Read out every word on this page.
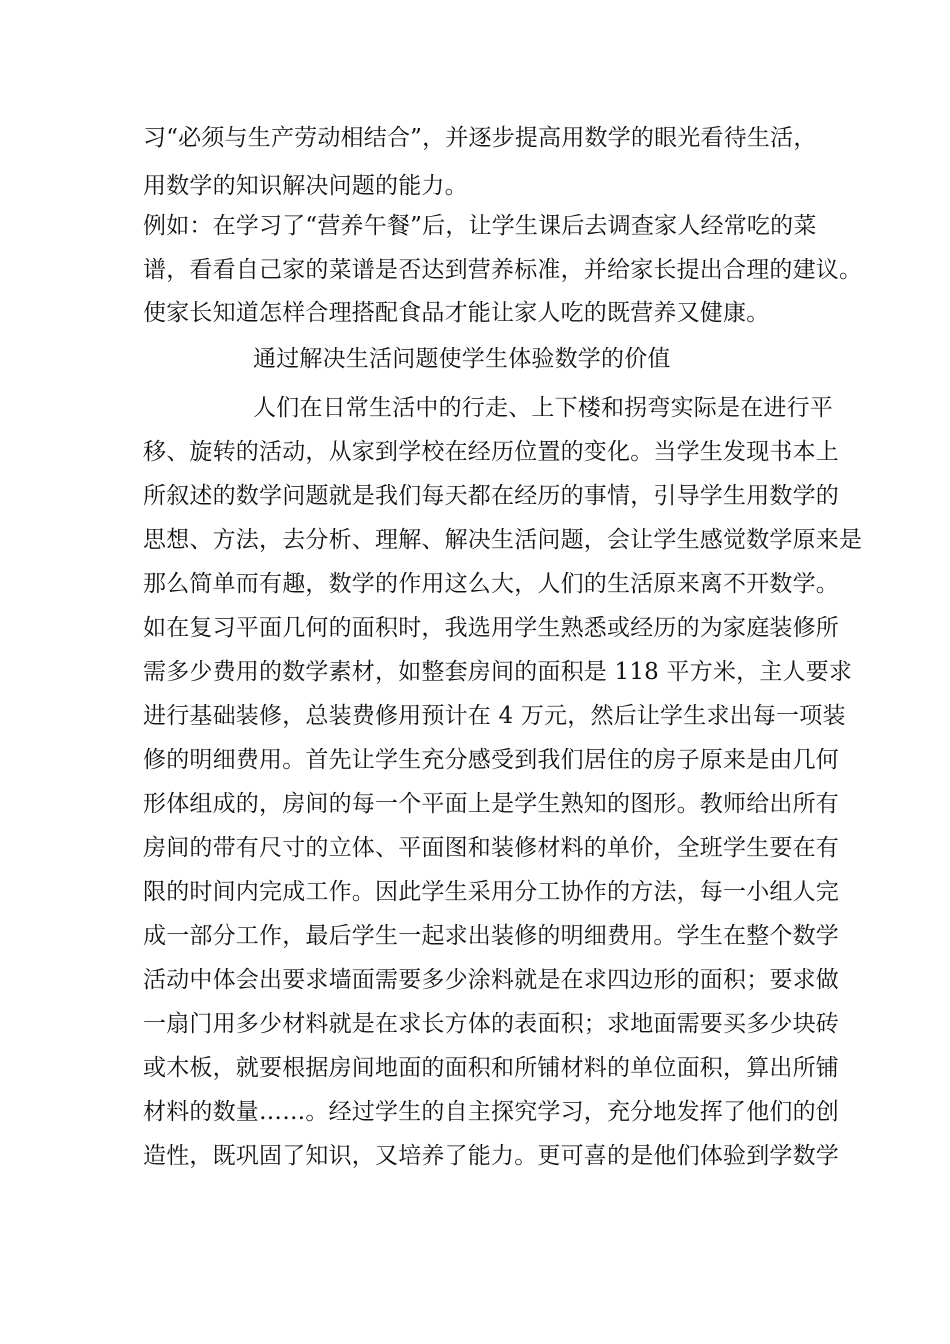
习“必须与生产劳动相结合”，并逐步提高用数学的眼光看待生活，
用数学的知识解决问题的能力。
例如：在学习了“营养午餐”后，让学生课后去调查家人经常吃的菜
谱，看看自己家的菜谱是否达到营养标准，并给家长提出合理的建议。
使家长知道怎样合理搭配食品才能让家人吃的既营养又健康。
通过解决生活问题使学生体验数学的价值
人们在日常生活中的行走、上下楼和拐弯实际是在进行平
移、旋转的活动，从家到学校在经历位置的变化。当学生发现书本上
所叙述的数学问题就是我们每天都在经历的事情，引导学生用数学的
思想、方法，去分析、理解、解决生活问题，会让学生感觉数学原来是
那么简单而有趣，数学的作用这么大，人们的生活原来离不开数学。
如在复习平面几何的面积时，我选用学生熟悉或经历的为家庭装修所
需多少费用的数学素材，如整套房间的面积是 118 平方米，主人要求
进行基础装修，总装费修用预计在 4 万元，然后让学生求出每一项装
修的明细费用。首先让学生充分感受到我们居住的房子原来是由几何
形体组成的，房间的每一个平面上是学生熟知的图形。教师给出所有
房间的带有尺寸的立体、平面图和装修材料的单价，全班学生要在有
限的时间内完成工作。因此学生采用分工协作的方法，每一小组人完
成一部分工作，最后学生一起求出装修的明细费用。学生在整个数学
活动中体会出要求墙面需要多少涂料就是在求四边形的面积；要求做
一扇门用多少材料就是在求长方体的表面积；求地面需要买多少块砖
或木板，就要根据房间地面的面积和所铺材料的单位面积，算出所铺
材料的数量……。经过学生的自主探究学习，充分地发挥了他们的创
造性，既巩固了知识，又培养了能力。更可喜的是他们体验到学数学
